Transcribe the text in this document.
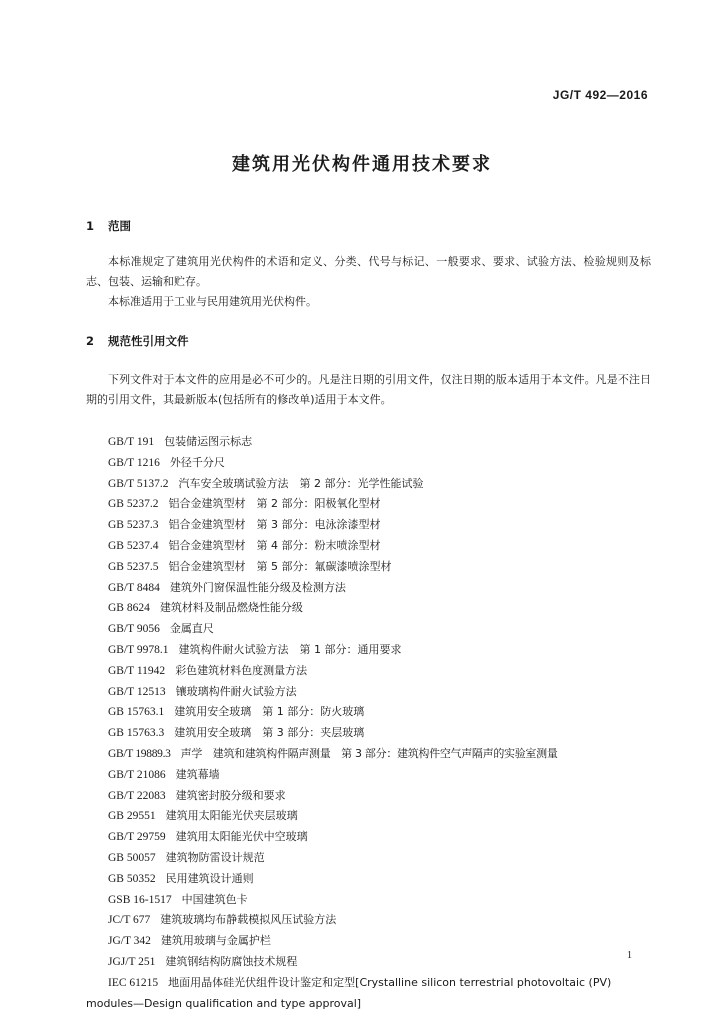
JG/T 492—2016
建筑用光伏构件通用技术要求
1 范围
本标准规定了建筑用光伏构件的术语和定义、分类、代号与标记、一般要求、要求、试验方法、检验规则及标志、包装、运输和贮存。
本标准适用于工业与民用建筑用光伏构件。
2 规范性引用文件
下列文件对于本文件的应用是必不可少的。凡是注日期的引用文件，仅注日期的版本适用于本文件。凡是不注日期的引用文件，其最新版本(包括所有的修改单)适用于本文件。
GB/T 191 包装储运图示标志
GB/T 1216 外径千分尺
GB/T 5137.2 汽车安全玻璃试验方法　第 2 部分：光学性能试验
GB 5237.2 铝合金建筑型材　第 2 部分：阳极氧化型材
GB 5237.3 铝合金建筑型材　第 3 部分：电泳涂漆型材
GB 5237.4 铝合金建筑型材　第 4 部分：粉末喷涂型材
GB 5237.5 铝合金建筑型材　第 5 部分：氟碳漆喷涂型材
GB/T 8484 建筑外门窗保温性能分级及检测方法
GB 8624 建筑材料及制品燃烧性能分级
GB/T 9056 金属直尺
GB/T 9978.1 建筑构件耐火试验方法　第 1 部分：通用要求
GB/T 11942 彩色建筑材料色度测量方法
GB/T 12513 镶玻璃构件耐火试验方法
GB 15763.1 建筑用安全玻璃　第 1 部分：防火玻璃
GB 15763.3 建筑用安全玻璃　第 3 部分：夹层玻璃
GB/T 19889.3 声学　建筑和建筑构件隔声测量　第 3 部分：建筑构件空气声隔声的实验室测量
GB/T 21086 建筑幕墙
GB/T 22083 建筑密封胶分级和要求
GB 29551 建筑用太阳能光伏夹层玻璃
GB/T 29759 建筑用太阳能光伏中空玻璃
GB 50057 建筑物防雷设计规范
GB 50352 民用建筑设计通则
GSB 16-1517 中国建筑色卡
JC/T 677 建筑玻璃均布静载模拟风压试验方法
JG/T 342 建筑用玻璃与金属护栏
JGJ/T 251 建筑钢结构防腐蚀技术规程
IEC 61215 地面用晶体硅光伏组件设计鉴定和定型[Crystalline silicon terrestrial photovoltaic (PV) modules—Design qualification and type approval]
1
